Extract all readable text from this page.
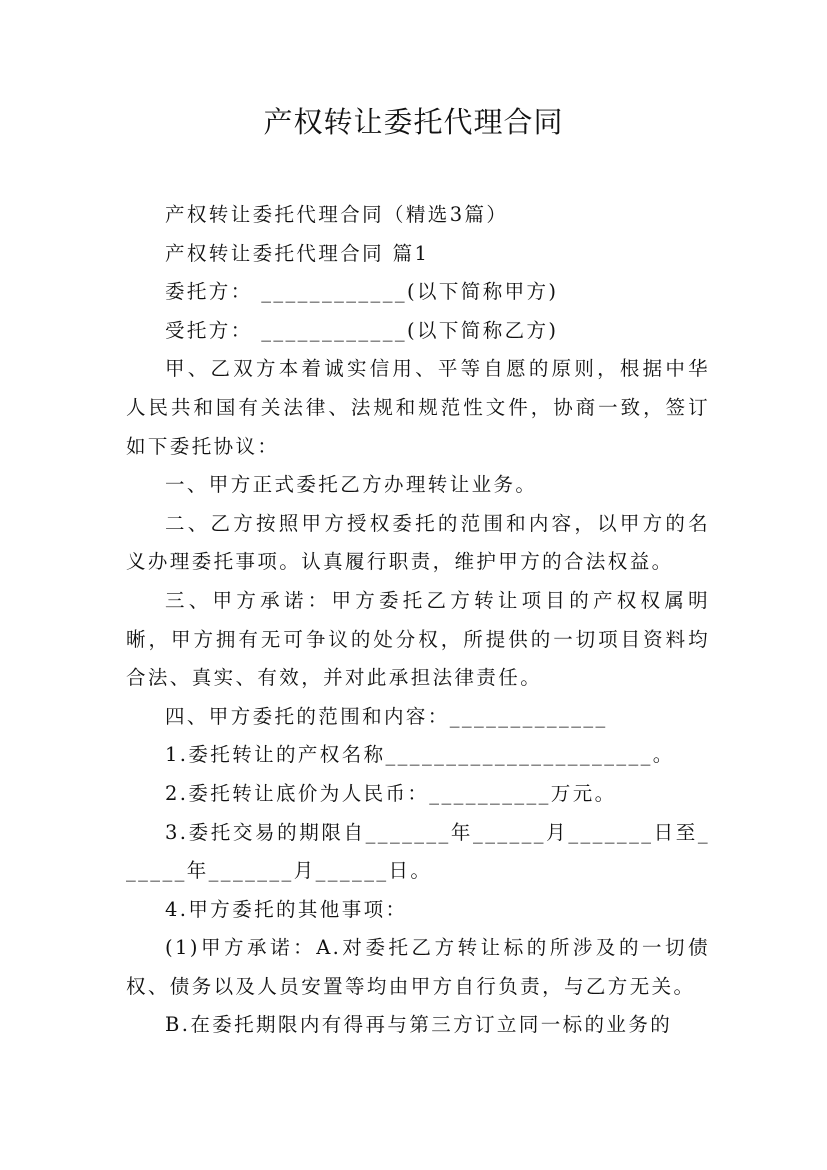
产权转让委托代理合同

产权转让委托代理合同（精选3篇）

产权转让委托代理合同 篇1

委托方： ____________(以下简称甲方)

受托方： ____________(以下简称乙方)

甲、乙双方本着诚实信用、平等自愿的原则，根据中华人民共和国有关法律、法规和规范性文件，协商一致，签订如下委托协议：

一、甲方正式委托乙方办理转让业务。

二、乙方按照甲方授权委托的范围和内容，以甲方的名义办理委托事项。认真履行职责，维护甲方的合法权益。

三、甲方承诺：甲方委托乙方转让项目的产权权属明晰，甲方拥有无可争议的处分权，所提供的一切项目资料均合法、真实、有效，并对此承担法律责任。

四、甲方委托的范围和内容：_____________

1.委托转让的产权名称______________________。

2.委托转让底价为人民币：__________万元。

3.委托交易的期限自_______年______月_______日至______年_______月______日。

4.甲方委托的其他事项：

(1)甲方承诺：A.对委托乙方转让标的所涉及的一切债权、债务以及人员安置等均由甲方自行负责，与乙方无关。

B.在委托期限内有得再与第三方订立同一标的业务的
